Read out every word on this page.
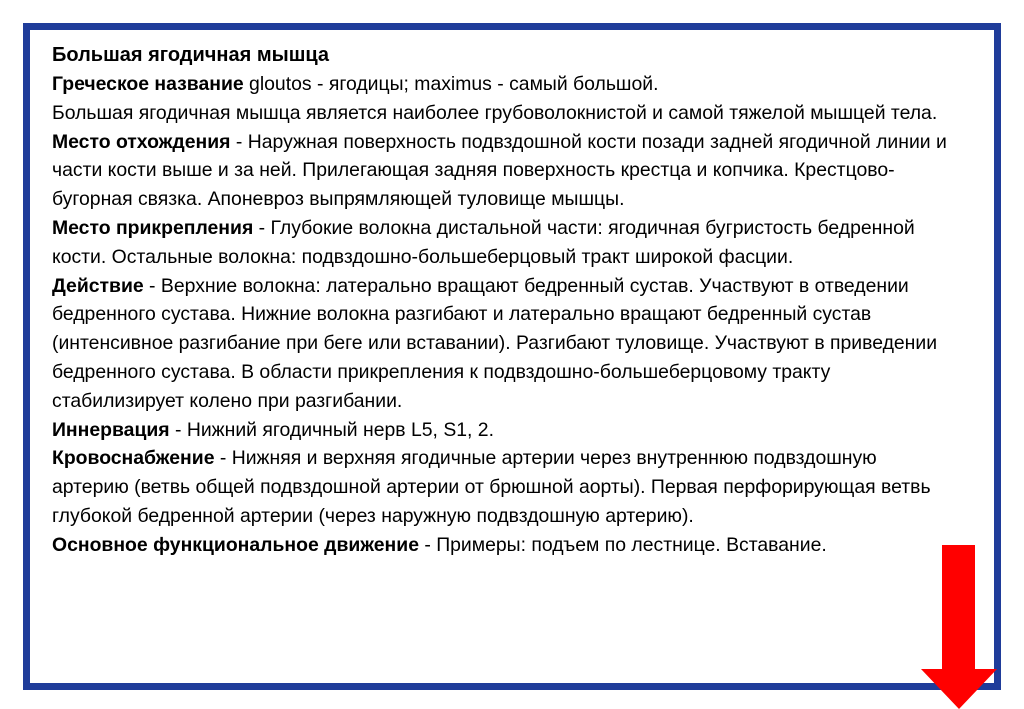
Большая ягодичная мышца

Греческое название gloutos - ягодицы; maximus - самый большой.

Большая ягодичная мышца является наиболее грубоволокнистой и самой тяжелой мышцей тела.

Место отхождения - Наружная поверхность подвздошной кости позади задней ягодичной линии и части кости выше и за ней. Прилегающая задняя поверхность крестца и копчика. Крестцово-бугорная связка. Апоневроз выпрямляющей туловище мышцы.

Место прикрепления - Глубокие волокна дистальной части: ягодичная бугристость бедренной кости. Остальные волокна: подвздошно-большеберцовый тракт широкой фасции.

Действие - Верхние волокна: латерально вращают бедренный сустав. Участвуют в отведении бедренного сустава. Нижние волокна разгибают и латерально вращают бедренный сустав (интенсивное разгибание при беге или вставании). Разгибают туловище. Участвуют в приведении бедренного сустава. В области прикрепления к подвздошно-большеберцовому тракту стабилизирует колено при разгибании.

Иннервация - Нижний ягодичный нерв L5, S1, 2.

Кровоснабжение - Нижняя и верхняя ягодичные артерии через внутреннюю подвздошную артерию (ветвь общей подвздошной артерии от брюшной аорты). Первая перфорирующая ветвь глубокой бедренной артерии (через наружную подвздошную артерию).

Основное функциональное движение - Примеры: подъем по лестнице. Вставание.
